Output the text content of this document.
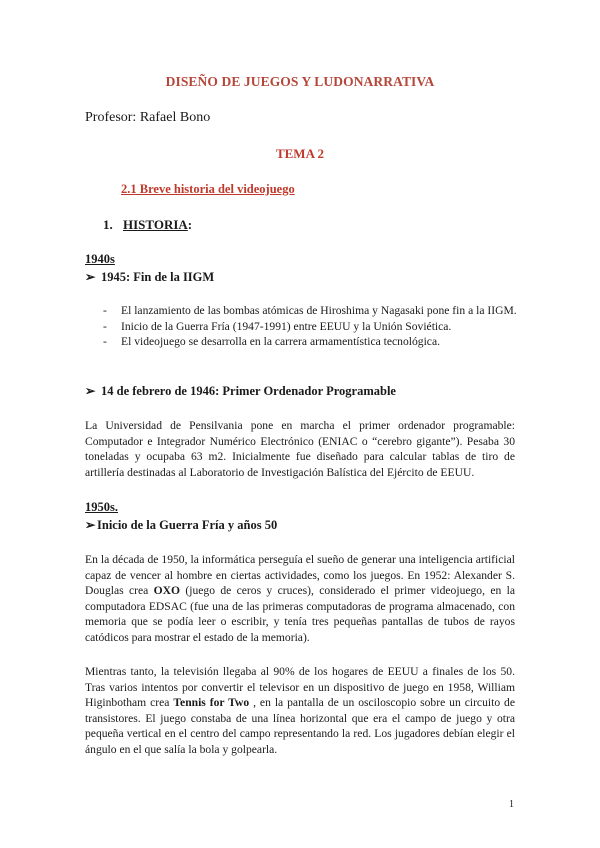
DISEÑO DE JUEGOS Y LUDONARRATIVA
Profesor: Rafael Bono
TEMA 2
2.1 Breve historia del videojuego
1. HISTORIA:
1940s
➢ 1945: Fin de la IIGM
- El lanzamiento de las bombas atómicas de Hiroshima y Nagasaki pone fin a la IIGM.
- Inicio de la Guerra Fría (1947-1991) entre EEUU y la Unión Soviética.
- El videojuego se desarrolla en la carrera armamentística tecnológica.
➢ 14 de febrero de 1946: Primer Ordenador Programable

La Universidad de Pensilvania pone en marcha el primer ordenador programable: Computador e Integrador Numérico Electrónico (ENIAC o “cerebro gigante”). Pesaba 30 toneladas y ocupaba 63 m2. Inicialmente fue diseñado para calcular tablas de tiro de artillería destinadas al Laboratorio de Investigación Balística del Ejército de EEUU.

1950s.
➢ Inicio de la Guerra Fría y años 50

En la década de 1950, la informática perseguía el sueño de generar una inteligencia artificial capaz de vencer al hombre en ciertas actividades, como los juegos. En 1952: Alexander S. Douglas crea OXO (juego de ceros y cruces), considerado el primer videojuego, en la computadora EDSAC (fue una de las primeras computadoras de programa almacenado, con memoria que se podía leer o escribir, y tenía tres pequeñas pantallas de tubos de rayos catódicos para mostrar el estado de la memoria).

Mientras tanto, la televisión llegaba al 90% de los hogares de EEUU a finales de los 50. Tras varios intentos por convertir el televisor en un dispositivo de juego en 1958, William Higinbotham crea Tennis for Two , en la pantalla de un osciloscopio sobre un circuito de transistores. El juego constaba de una línea horizontal que era el campo de juego y otra pequeña vertical en el centro del campo representando la red. Los jugadores debían elegir el ángulo en el que salía la bola y golpearla.

1
